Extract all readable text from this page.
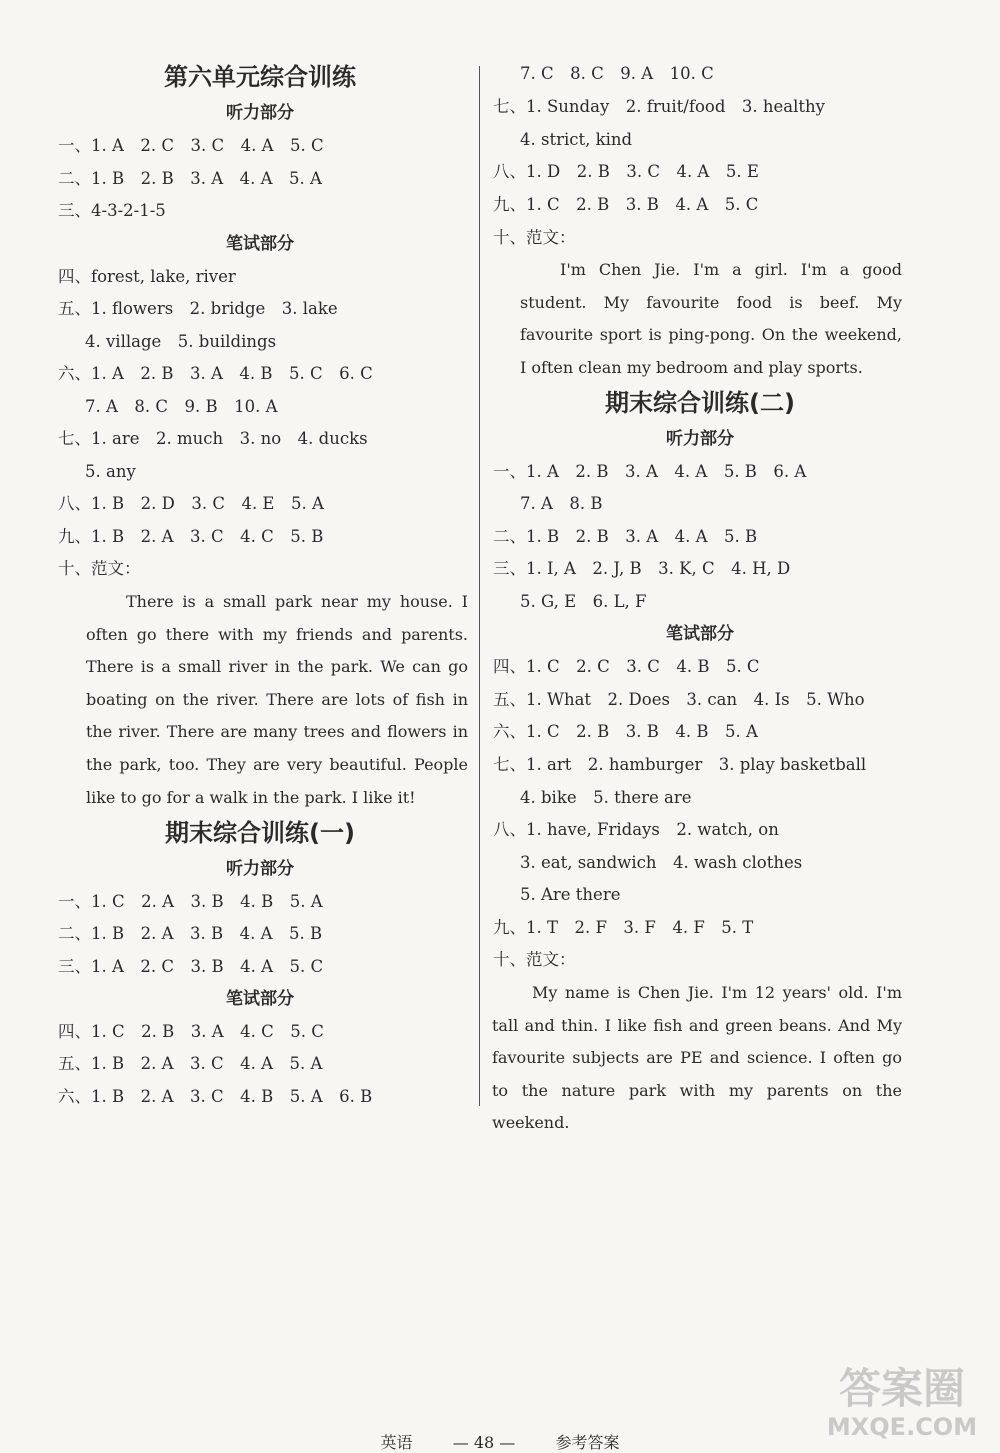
第六单元综合训练
听力部分
一、1. A　2. C　3. C　4. A　5. C
二、1. B　2. B　3. A　4. A　5. A
三、4-3-2-1-5
笔试部分
四、forest, lake, river
五、1. flowers　2. bridge　3. lake
4. village　5. buildings
六、1. A　2. B　3. A　4. B　5. C　6. C
7. A　8. C　9. B　10. A
七、1. are　2. much　3. no　4. ducks
5. any
八、1. B　2. D　3. C　4. E　5. A
九、1. B　2. A　3. C　4. C　5. B
十、范文：
There is a small park near my house. I often go there with my friends and parents. There is a small river in the park. We can go boating on the river. There are lots of fish in the river. There are many trees and flowers in the park, too. They are very beautiful. People like to go for a walk in the park. I like it!
期末综合训练(一)
听力部分
一、1. C　2. A　3. B　4. B　5. A
二、1. B　2. A　3. B　4. A　5. B
三、1. A　2. C　3. B　4. A　5. C
笔试部分
四、1. C　2. B　3. A　4. C　5. C
五、1. B　2. A　3. C　4. A　5. A
六、1. B　2. A　3. C　4. B　5. A　6. B
7. C　8. C　9. A　10. C
七、1. Sunday　2. fruit/food　3. healthy
4. strict, kind
八、1. D　2. B　3. C　4. A　5. E
九、1. C　2. B　3. B　4. A　5. C
十、范文：
I'm Chen Jie. I'm a girl. I'm a good student. My favourite food is beef. My favourite sport is ping-pong. On the weekend, I often clean my bedroom and play sports.
期末综合训练(二)
听力部分
一、1. A　2. B　3. A　4. A　5. B　6. A
7. A　8. B
二、1. B　2. B　3. A　4. A　5. B
三、1. I, A　2. J, B　3. K, C　4. H, D
5. G, E　6. L, F
笔试部分
四、1. C　2. C　3. C　4. B　5. C
五、1. What　2. Does　3. can　4. Is　5. Who
六、1. C　2. B　3. B　4. B　5. A
七、1. art　2. hamburger　3. play basketball
4. bike　5. there are
八、1. have, Fridays　2. watch, on
3. eat, sandwich　4. wash clothes
5. Are there
九、1. T　2. F　3. F　4. F　5. T
十、范文：
My name is Chen Jie. I'm 12 years' old. I'm tall and thin. I like fish and green beans. And My favourite subjects are PE and science. I often go to the nature park with my parents on the weekend.
英语	— 48 —	参考答案
答案圈
MXQE.COM
